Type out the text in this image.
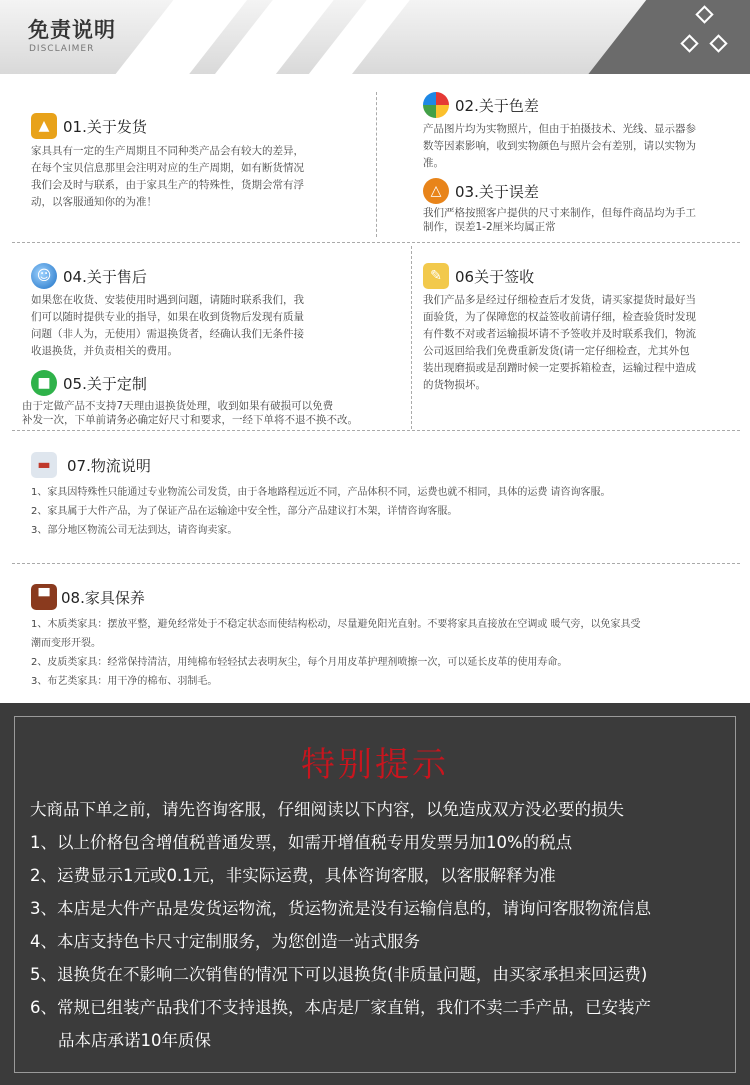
免责说明
DISCLAIMER
▲ 01.关于发货
家具具有一定的生产周期且不同种类产品会有较大的差异，
在每个宝贝信息那里会注明对应的生产周期，如有断货情况
我们会及时与联系，由于家具生产的特殊性，货期会常有浮
动，以客服通知你的为准！
02.关于色差
产品图片均为实物照片，但由于拍摄技术、光线、显示器参
数等因素影响，收到实物颜色与照片会有差别，请以实物为
准。
△ 03.关于误差
我们严格按照客户提供的尺寸来制作，但每件商品均为手工
制作，误差1-2厘米均属正常
☺ 04.关于售后
如果您在收货、安装使用时遇到问题，请随时联系我们，我
们可以随时提供专业的指导，如果在收到货物后发现有质量
问题（非人为，无使用）需退换货者，经确认我们无条件接
收退换货，并负责相关的费用。
■ 05.关于定制
由于定做产品不支持7天理由退换货处理，收到如果有破损可以免费
补发一次，下单前请务必确定好尺寸和要求，一经下单将不退不换不改。
✎ 06关于签收
我们产品多是经过仔细检查后才发货，请买家提货时最好当
面验货，为了保障您的权益签收前请仔细，检查验货时发现
有件数不对或者运输损坏请不予签收并及时联系我们，物流
公司返回给我们免费重新发货(请一定仔细检查，尤其外包
装出现磨损或是刮蹭时候一定要拆箱检查，运输过程中造成
的货物损坏。
▬	07.物流说明
1、家具因特殊性只能通过专业物流公司发货，由于各地路程远近不同，产品体积不同，运费也就不相同，具体的运费 请咨询客服。
2、家具属于大件产品，为了保证产品在运输途中安全性，部分产品建议打木架，详情咨询客服。
3、部分地区物流公司无法到达，请咨询卖家。
▀ 08.家具保养
1、木质类家具：摆放平整，避免经常处于不稳定状态而使结构松动，尽量避免阳光直射。不要将家具直接放在空调或 暖气旁，以免家具受
潮而变形开裂。
2、皮质类家具：经常保持清洁，用纯棉布轻轻拭去表明灰尘，每个月用皮革护理剂喷擦一次，可以延长皮革的使用寿命。
3、布艺类家具：用干净的棉布、羽制毛。
特别提示
大商品下单之前，请先咨询客服，仔细阅读以下内容，以免造成双方没必要的损失
1、以上价格包含增值税普通发票，如需开增值税专用发票另加10%的税点
2、运费显示1元或0.1元，非实际运费，具体咨询客服，以客服解释为准
3、本店是大件产品是发货运物流，货运物流是没有运输信息的，请询问客服物流信息
4、本店支持色卡尺寸定制服务，为您创造一站式服务
5、退换货在不影响二次销售的情况下可以退换货(非质量问题，由买家承担来回运费)
6、常规已组装产品我们不支持退换，本店是厂家直销，我们不卖二手产品，已安装产
品本店承诺10年质保
